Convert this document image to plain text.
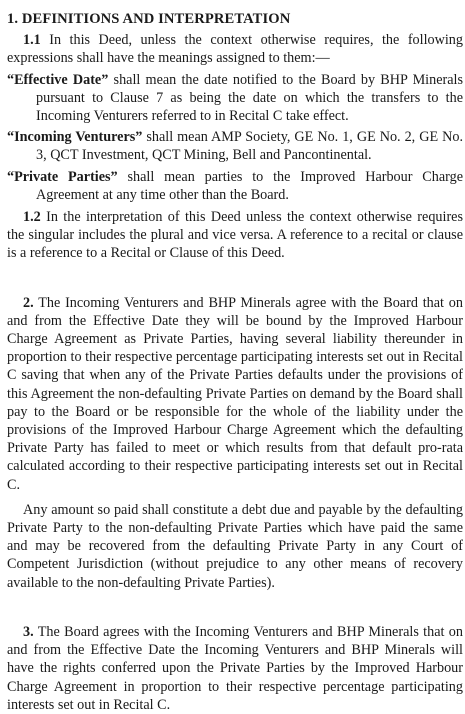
1. DEFINITIONS AND INTERPRETATION

1.1 In this Deed, unless the context otherwise requires, the following expressions shall have the meanings assigned to them:—

“Effective Date” shall mean the date notified to the Board by BHP Minerals pursuant to Clause 7 as being the date on which the transfers to the Incoming Venturers referred to in Recital C take effect.

“Incoming Venturers” shall mean AMP Society, GE No. 1, GE No. 2, GE No. 3, QCT Investment, QCT Mining, Bell and Pancontinental.

“Private Parties” shall mean parties to the Improved Harbour Charge Agreement at any time other than the Board.

1.2 In the interpretation of this Deed unless the context otherwise requires the singular includes the plural and vice versa. A reference to a recital or clause is a reference to a Recital or Clause of this Deed.

2. The Incoming Venturers and BHP Minerals agree with the Board that on and from the Effective Date they will be bound by the Improved Harbour Charge Agreement as Private Parties, having several liability thereunder in proportion to their respective percentage participating interests set out in Recital C saving that when any of the Private Parties defaults under the provisions of this Agreement the non-defaulting Private Parties on demand by the Board shall pay to the Board or be responsible for the whole of the liability under the provisions of the Improved Harbour Charge Agreement which the defaulting Private Party has failed to meet or which results from that default pro-rata calculated according to their respective participating interests set out in Recital C.

Any amount so paid shall constitute a debt due and payable by the defaulting Private Party to the non-defaulting Private Parties which have paid the same and may be recovered from the defaulting Private Party in any Court of Competent Jurisdiction (without prejudice to any other means of recovery available to the non-defaulting Private Parties).

3. The Board agrees with the Incoming Venturers and BHP Minerals that on and from the Effective Date the Incoming Venturers and BHP Minerals will have the rights conferred upon the Private Parties by the Improved Harbour Charge Agreement in proportion to their respective percentage participating interests set out in Recital C.
